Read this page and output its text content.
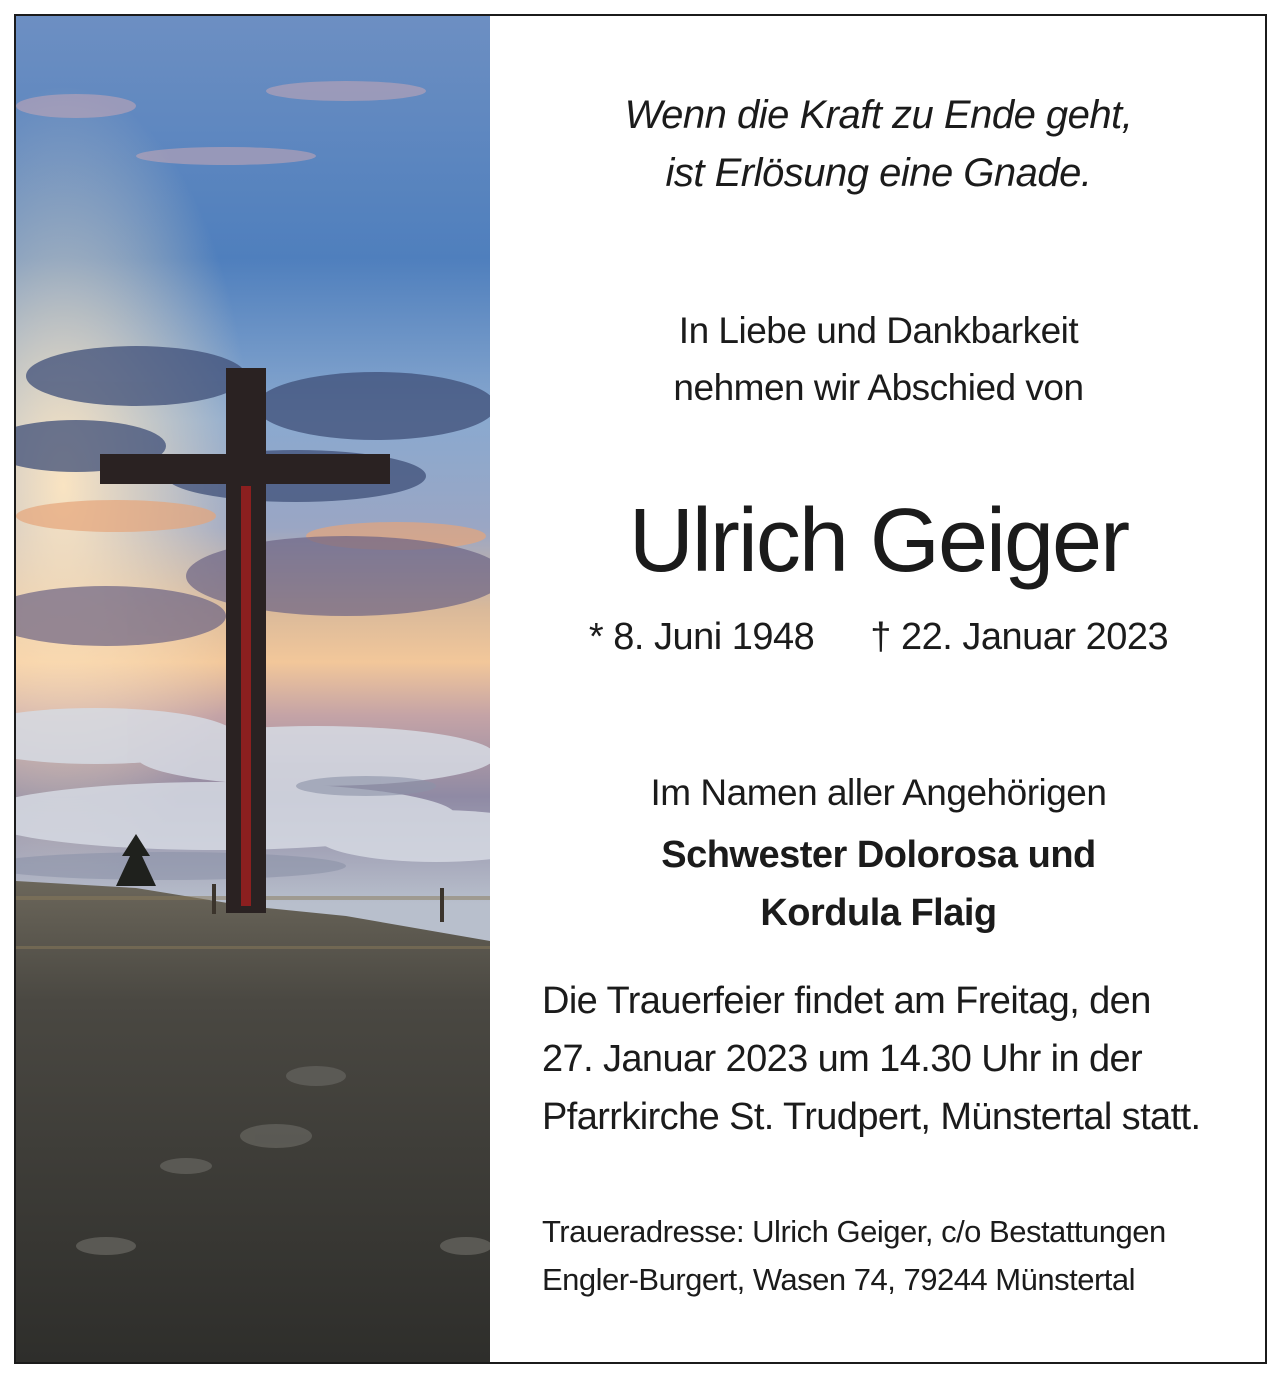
Wenn die Kraft zu Ende geht,
ist Erlösung eine Gnade.
In Liebe und Dankbarkeit
nehmen wir Abschied von
Ulrich Geiger
* 8. Juni 1948 † 22. Januar 2023
Im Namen aller Angehörigen
Schwester Dolorosa und
Kordula Flaig
Die Trauerfeier findet am Freitag, den
27. Januar 2023 um 14.30 Uhr in der
Pfarrkirche St. Trudpert, Münstertal statt.
Traueradresse: Ulrich Geiger, c/o Bestattungen
Engler-Burgert, Wasen 74, 79244 Münstertal
